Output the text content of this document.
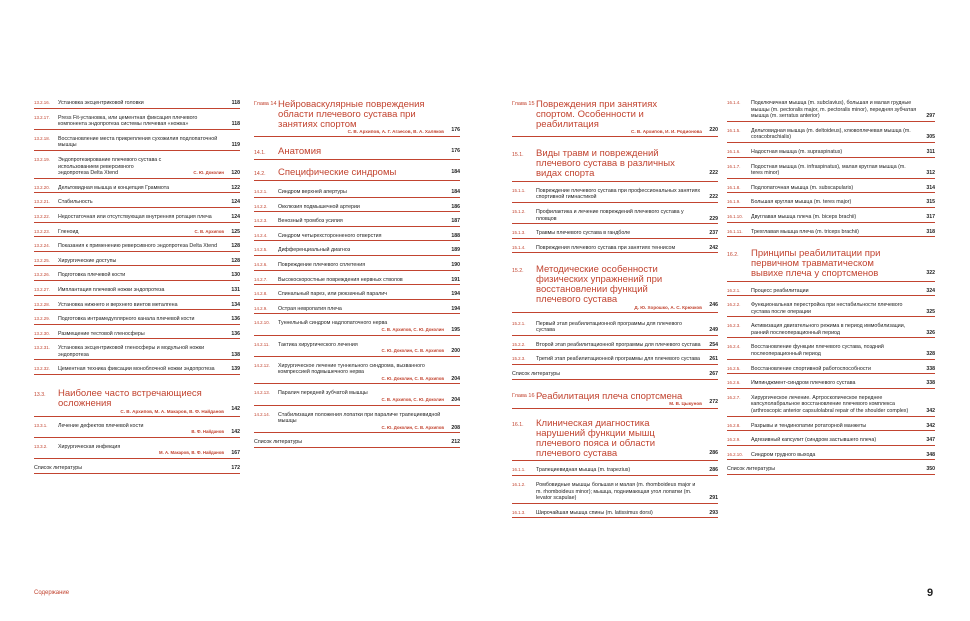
13.2.16. Установка эксцентриковой головки	118
13.2.17. Press Fit-установка, или цементная фиксация плечевого компонента эндопротеза системы плечевая «ножка»	118
13.2.18. Восстановление места прикрепления сухожилия подлопаточной мышцы	119
13.2.19. Эндопротезирование плечевого сустава с использованием реверсивного эндопротеза Delta Xtend	С. Ю. Доколин	120
13.2.20. Дельтовидная мышца и концепция Граммота	122
13.2.21. Стабильность	124
13.2.22. Недостаточная или отсутствующая внутренняя ротация плеча	124
13.2.23. Гленоид	С. В. Архипов	125
13.2.24. Показания к применению реверсивного эндопротеза Delta Xtend	128
13.2.25. Хирургические доступы	128
13.2.26. Подготовка плечевой кости	130
13.2.27. Имплантация плечевой ножки эндопротеза	131
13.2.28. Установка нижнего и верхнего винтов металгена	134
13.2.29. Подготовка интрамедуллярного канала плечевой кости	136
13.2.30. Размещение тестовой гленосферы	136
13.2.31. Установка эксцентриковой гленосферы и модульной ножки эндопротеза	138
13.2.32. Цементная техника фиксации моноблочной ножки эндопротеза	139
13.3. Наиболее часто встречающиеся осложнения
С. В. Архипов, М. А. Макаров, В. Ф. Найданов	142
13.3.1. Лечение дефектов плечевой кости
В. Ф. Найданов	142
13.3.2. Хирургическая инфекция
М. А. Макаров, В. Ф. Найданов	167
Список литературы	172
Глава 14 Нейроваскулярные повреждения области плечевого сустава при занятиях спортом
С. В. Архипов, А. Г. Агаесов, В. А. Халяков	176
14.1. Анатомия	176
14.2. Специфические синдромы	184
14.2.1. Синдром верхней апертуры	184
14.2.2. Окклюзия подмышечной артерии	186
14.2.3. Венозный тромбоз усилия	187
14.2.4. Синдром четырехсторонненого отверстия	188
14.2.5. Дифференциальный диагноз	189
14.2.6. Повреждение плечевого сплетения	190
14.2.7. Высокоскоростные повреждения нервных стволов	191
14.2.8. Спинальный парез, или рюкзачный паралич	194
14.2.9. Острая невропатия плеча	194
14.2.10. Туннельный синдром надлопаточного нерва
С. В. Архипов, С. Ю. Доколин	195
14.2.11. Тактика хирургического лечения
С. Ю. Доколин, С. В. Архипов	200
14.2.12. Хирургическое лечение туннельного синдрома, вызванного компрессией подмышечного нерва
С. Ю. Доколин, С. В. Архипов	204
14.2.13. Паралич передней зубчатой мышцы
С. В. Архипов, С. Ю. Доколин	204
14.2.14. Стабилизация положения лопатки при параличе трапециевидной мышцы
С. Ю. Доколин, С. В. Архипов	208
Список литературы	212
Глава 15 Повреждения при занятиях спортом. Особенности и реабилитация
С. В. Архипов, И. И. Родионова	220
15.1. Виды травм и повреждений плечевого сустава в различных видах спорта	222
15.1.1. Повреждение плечевого сустава при профессиональных занятиях спортивной гимнастикой	222
15.1.2. Профилактика и лечение повреждений плечевого сустава у пловцов	229
15.1.3. Травмы плечевого сустава в гандболе	237
15.1.4. Повреждения плечевого сустава при занятиях теннисом	242
15.2. Методические особенности физических упражнений при восстановлении функций плечевого сустава
Д. Ю. Хорошко, А. С. Крючков	246
15.2.1. Первый этап реабилитационной программы для плечевого сустава	249
15.2.2. Второй этап реабилитационной программы для плечевого сустава	254
15.2.3. Третий этап реабилитационной программы для плечевого сустава	261
Список литературы	267
Глава 16 Реабилитация плеча спортсмена
М. В. Цыкунов	272
16.1. Клиническая диагностика нарушений функции мышц плечевого пояса и области плечевого сустава	286
16.1.1. Трапециевидная мышца (m. trapezius)	286
16.1.2. Ромбовидные мышцы большая и малая (m. rhomboideus major и m. rhomboideus minor); мышца, поднимающая угол лопатки (m. levator scapulae)	291
16.1.3. Широчайшая мышца спины (m. latissimus dorsi)	293
16.1.4. Подключичная мышца (m. subclavius), большая и малая грудные мышцы (m. pectoralis major, m. pectoralis minor), передняя зубчатая мышца (m. serratus anterior)	297
16.1.5. Дельтовидная мышца (m. deltoideus), клювоплечевая мышца (m. coracobrachialis)	305
16.1.6. Надостная мышца (m. supraspinatus)	311
16.1.7. Подостная мышца (m. infraspinatus), малая круглая мышца (m. teres minor)	312
16.1.8. Подлопаточная мышца (m. subscapularis)	314
16.1.9. Большая круглая мышца (m. teres major)	315
16.1.10. Двуглавая мышца плеча (m. biceps brachii)	317
16.1.11. Трехглавая мышца плеча (m. triceps brachii)	318
16.2. Принципы реабилитации при первичном травматическом вывихе плеча у спортсменов	322
16.2.1. Процесс реабилитации	324
16.2.2. Функциональная перестройка при нестабильности плечевого сустава после операции	325
16.2.3. Активизация двигательного режима в период иммобилизации, ранний послеоперационный период	326
16.2.4. Восстановление функции плечевого сустава, поздний послеоперационный период	328
16.2.5. Восстановление спортивной работоспособности	338
16.2.6. Импинджмент-синдром плечевого сустава	338
16.2.7. Хирургическое лечение. Артроскопическое переднее капсулолабральное восстановление плечевого комплекса (arthroscopic anterior capsulolabral repair of the shoulder complex)	342
16.2.8. Разрывы и тендинопатии ротаторной манжеты	342
16.2.9. Адгезивный капсулит (синдром застывшего плеча)	347
16.2.10. Синдром грудного выхода	348
Список литературы	350
Содержание	9
